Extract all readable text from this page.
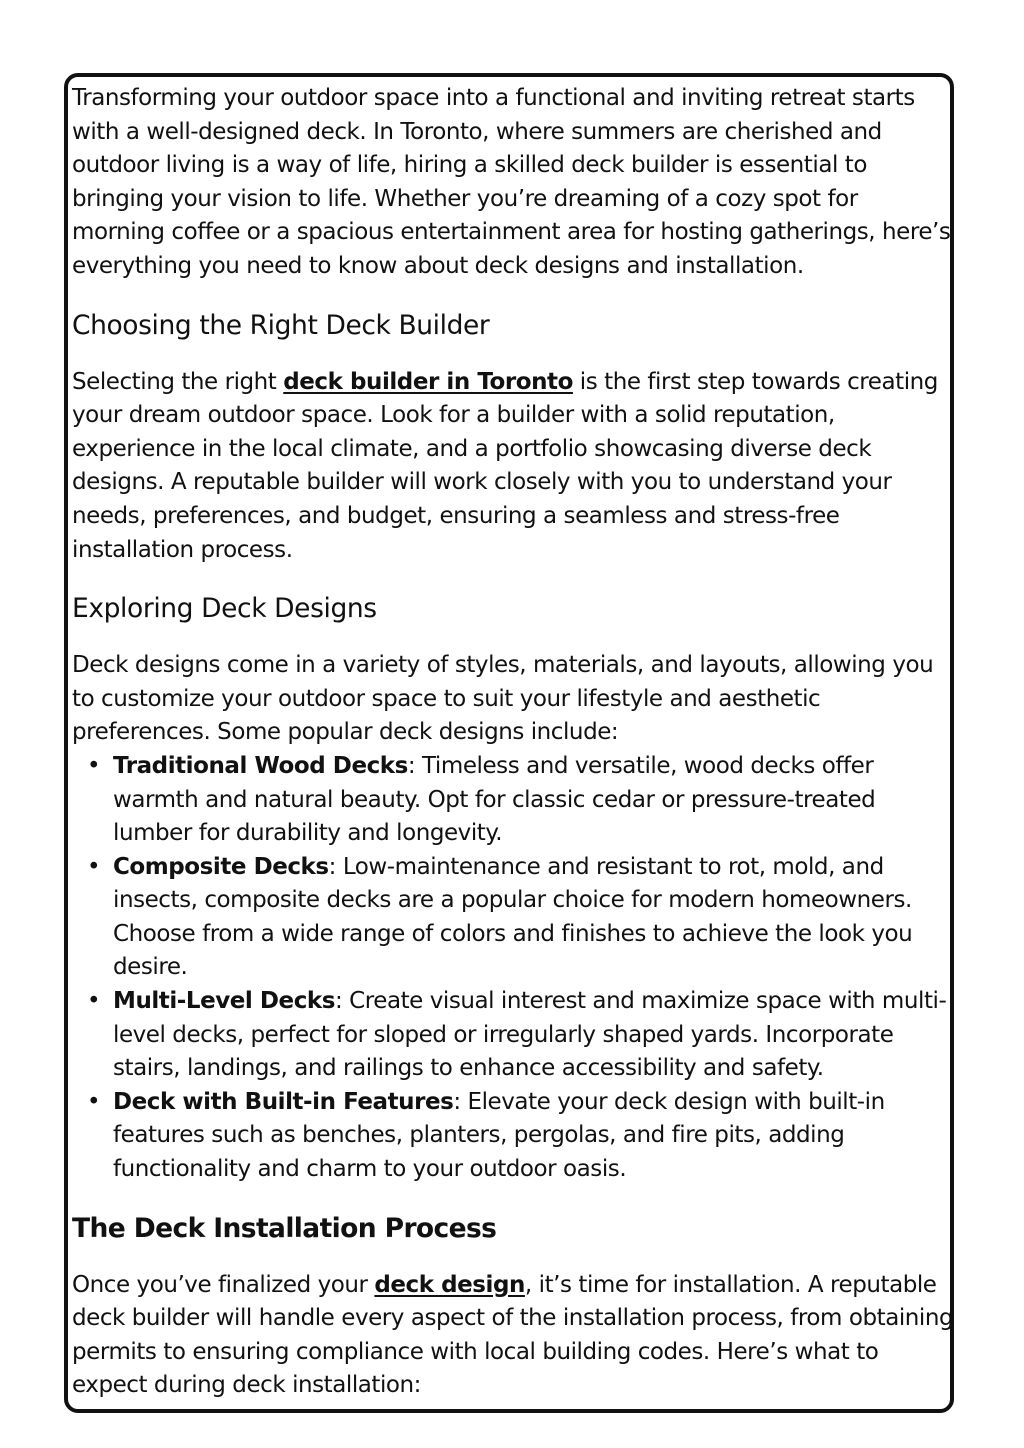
Transforming your outdoor space into a functional and inviting retreat starts with a well-designed deck. In Toronto, where summers are cherished and outdoor living is a way of life, hiring a skilled deck builder is essential to bringing your vision to life. Whether you’re dreaming of a cozy spot for morning coffee or a spacious entertainment area for hosting gatherings, here’s everything you need to know about deck designs and installation.

Choosing the Right Deck Builder

Selecting the right deck builder in Toronto is the first step towards creating your dream outdoor space. Look for a builder with a solid reputation, experience in the local climate, and a portfolio showcasing diverse deck designs. A reputable builder will work closely with you to understand your needs, preferences, and budget, ensuring a seamless and stress-free installation process.

Exploring Deck Designs

Deck designs come in a variety of styles, materials, and layouts, allowing you to customize your outdoor space to suit your lifestyle and aesthetic preferences. Some popular deck designs include:

• Traditional Wood Decks: Timeless and versatile, wood decks offer warmth and natural beauty. Opt for classic cedar or pressure-treated lumber for durability and longevity.
• Composite Decks: Low-maintenance and resistant to rot, mold, and insects, composite decks are a popular choice for modern homeowners. Choose from a wide range of colors and finishes to achieve the look you desire.
• Multi-Level Decks: Create visual interest and maximize space with multi-level decks, perfect for sloped or irregularly shaped yards. Incorporate stairs, landings, and railings to enhance accessibility and safety.
• Deck with Built-in Features: Elevate your deck design with built-in features such as benches, planters, pergolas, and fire pits, adding functionality and charm to your outdoor oasis.
The Deck Installation Process

Once you’ve finalized your deck design, it’s time for installation. A reputable deck builder will handle every aspect of the installation process, from obtaining permits to ensuring compliance with local building codes. Here’s what to expect during deck installation:
